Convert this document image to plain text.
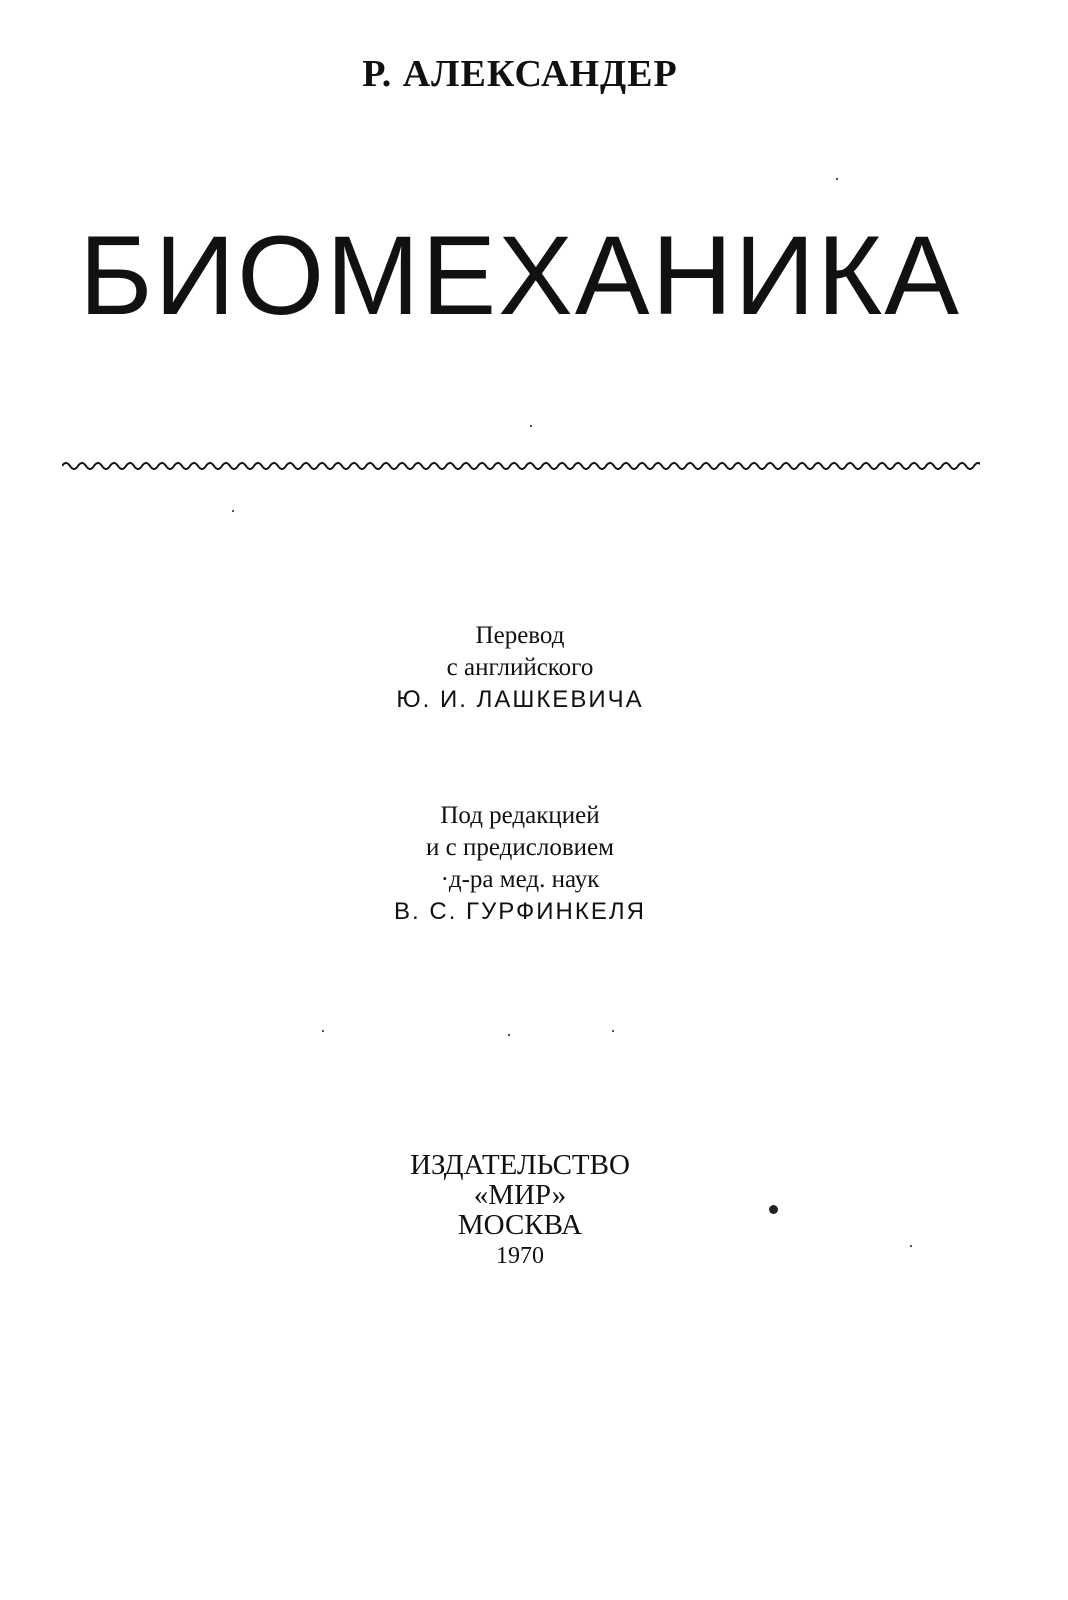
Р. АЛЕКСАНДЕР
БИОМЕХАНИКА
Перевод
с английского
Ю. И. ЛАШКЕВИЧА
Под редакцией
и с предисловием
·д-ра мед. наук
В. С. ГУРФИНКЕЛЯ
ИЗДАТЕЛЬСТВО
«МИР»
МОСКВА
1970
